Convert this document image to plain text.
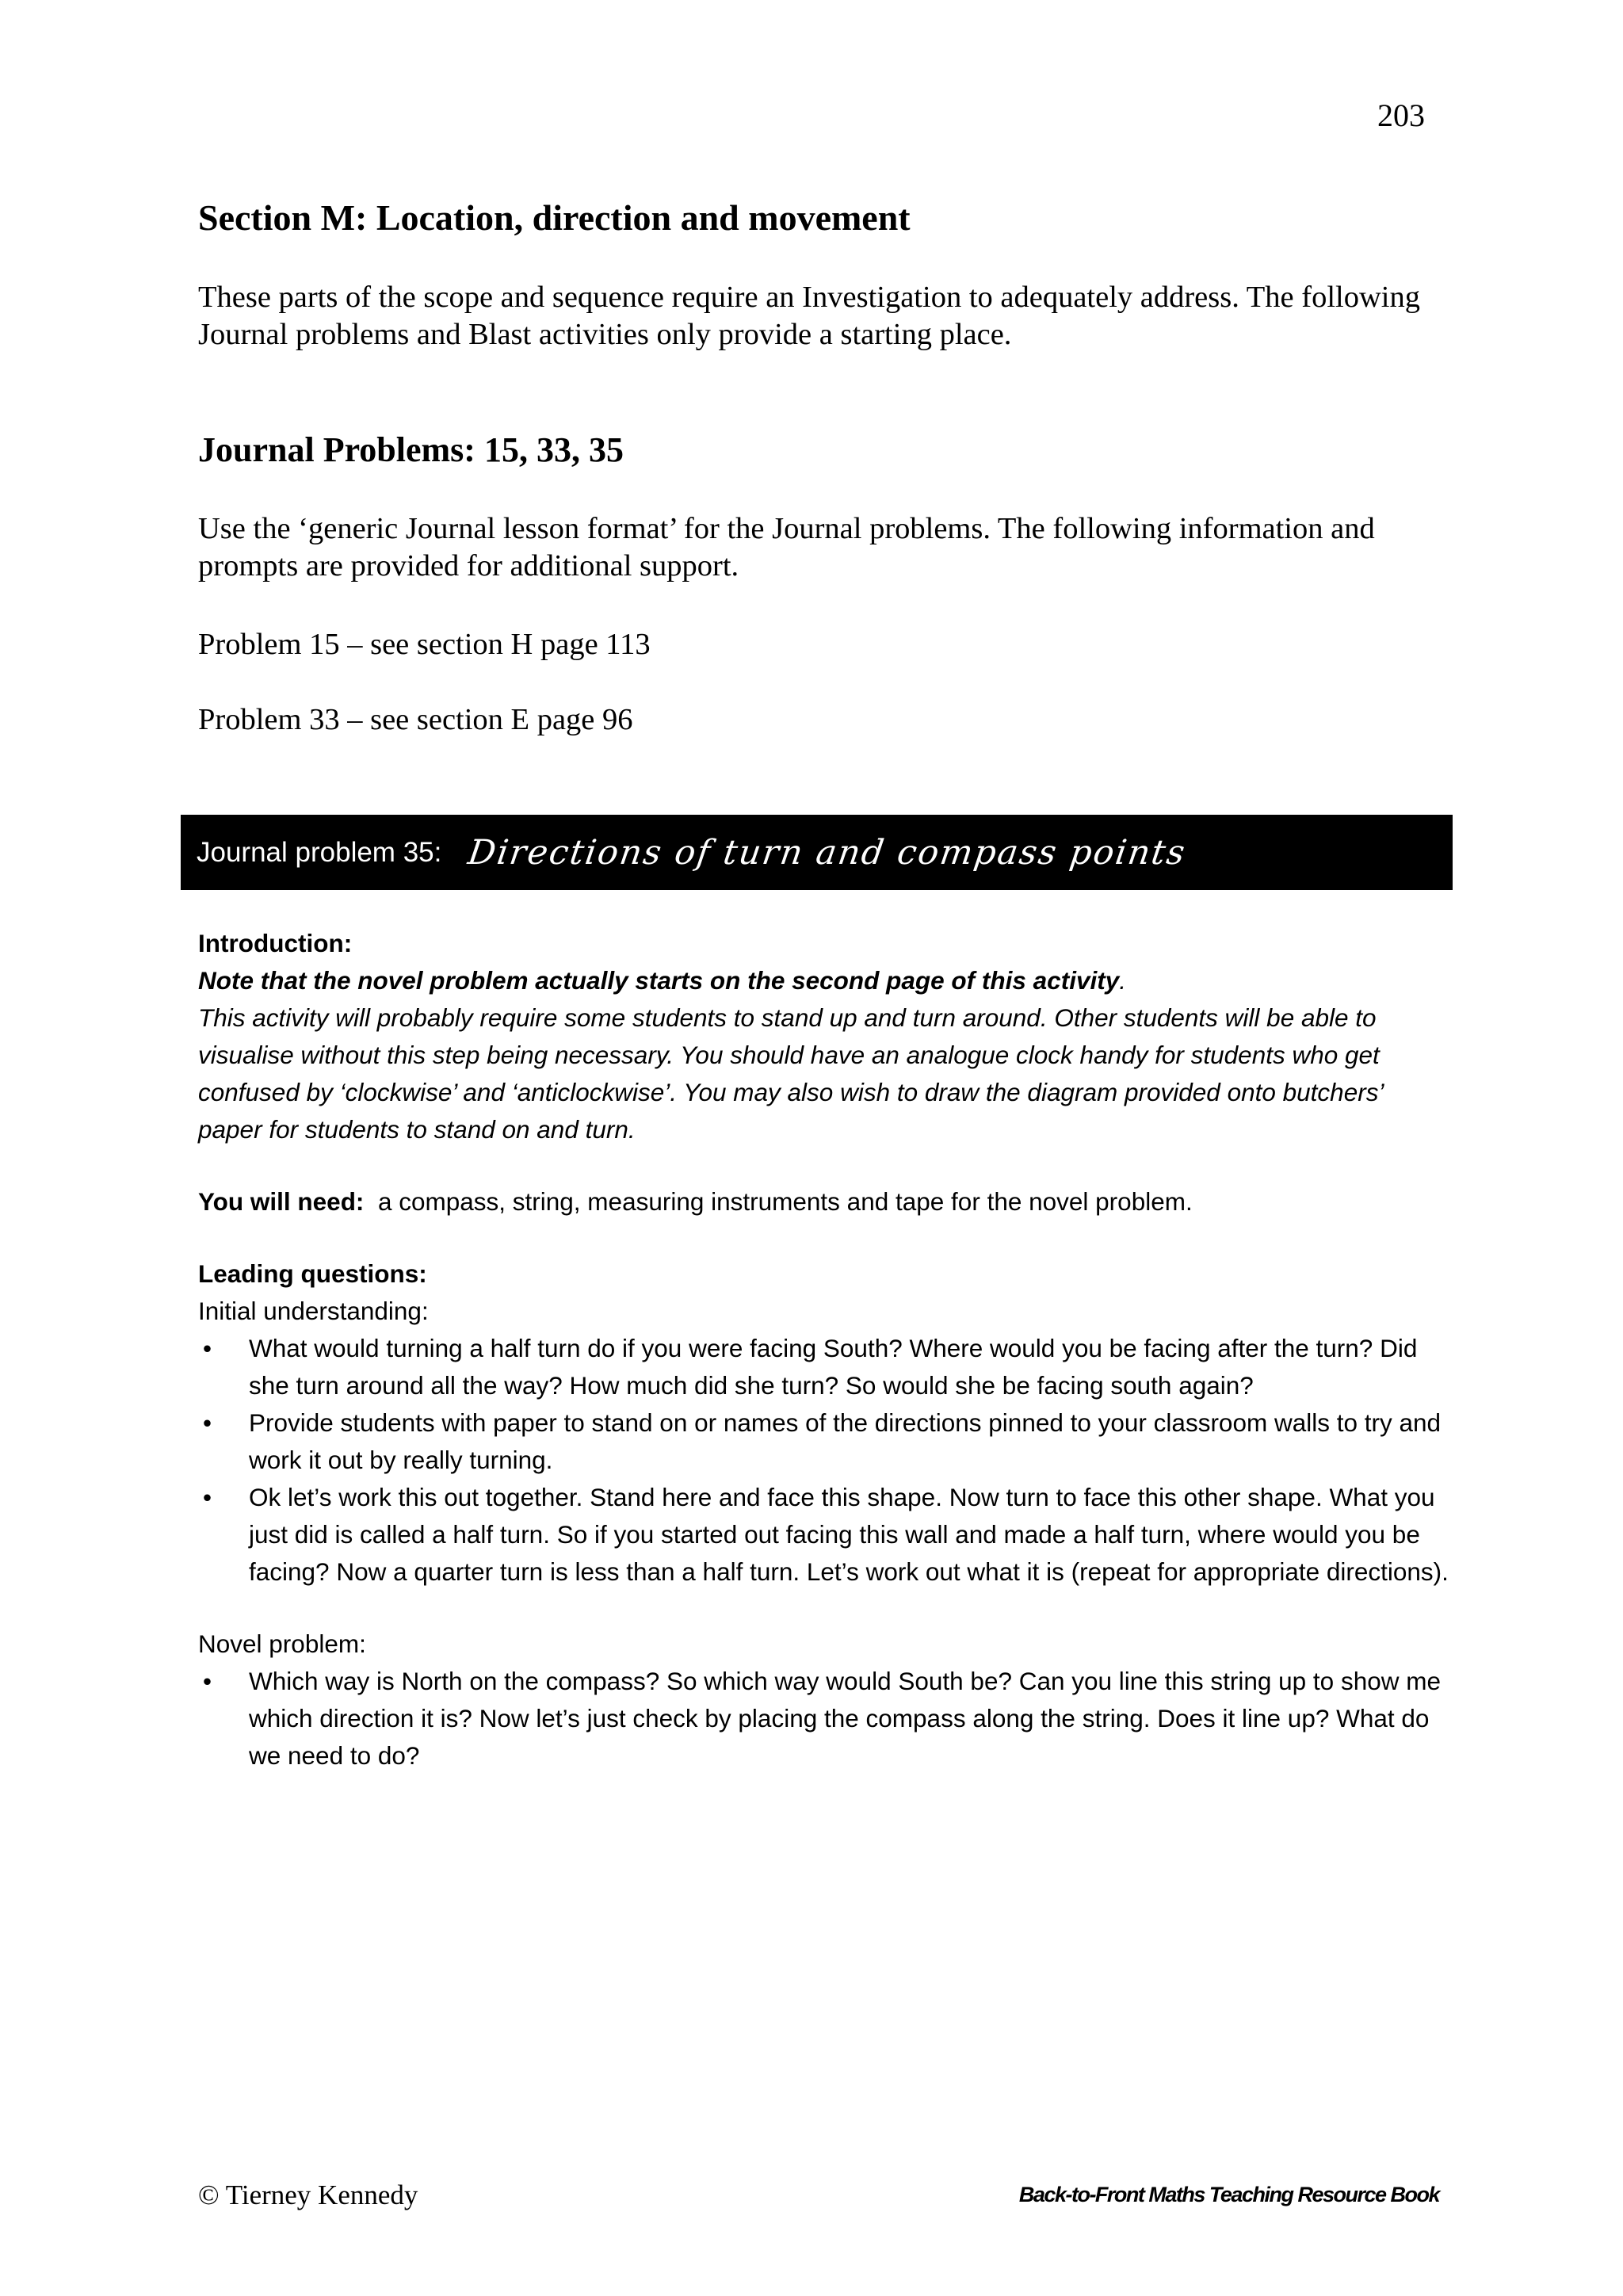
203
Section M: Location, direction and movement

These parts of the scope and sequence require an Investigation to adequately address. The following Journal problems and Blast activities only provide a starting place.

Journal Problems: 15, 33, 35

Use the ‘generic Journal lesson format’ for the Journal problems. The following information and prompts are provided for additional support.

Problem 15 – see section H page 113

Problem 33 – see section E page 96

Journal problem 35: Directions of turn and compass points

Introduction:

Note that the novel problem actually starts on the second page of this activity.

This activity will probably require some students to stand up and turn around. Other students will be able to visualise without this step being necessary. You should have an analogue clock handy for students who get confused by ‘clockwise’ and ‘anticlockwise’. You may also wish to draw the diagram provided onto butchers’ paper for students to stand on and turn.

You will need: a compass, string, measuring instruments and tape for the novel problem.

Leading questions:

Initial understanding:

• What would turning a half turn do if you were facing South? Where would you be facing after the turn? Did she turn around all the way? How much did she turn? So would she be facing south again?
• Provide students with paper to stand on or names of the directions pinned to your classroom walls to try and work it out by really turning.
• Ok let’s work this out together. Stand here and face this shape. Now turn to face this other shape. What you just did is called a half turn. So if you started out facing this wall and made a half turn, where would you be facing? Now a quarter turn is less than a half turn. Let’s work out what it is (repeat for appropriate directions).

Novel problem:

• Which way is North on the compass? So which way would South be? Can you line this string up to show me which direction it is? Now let’s just check by placing the compass along the string. Does it line up? What do we need to do?
© Tierney Kennedy	Back-to-Front Maths Teaching Resource Book
